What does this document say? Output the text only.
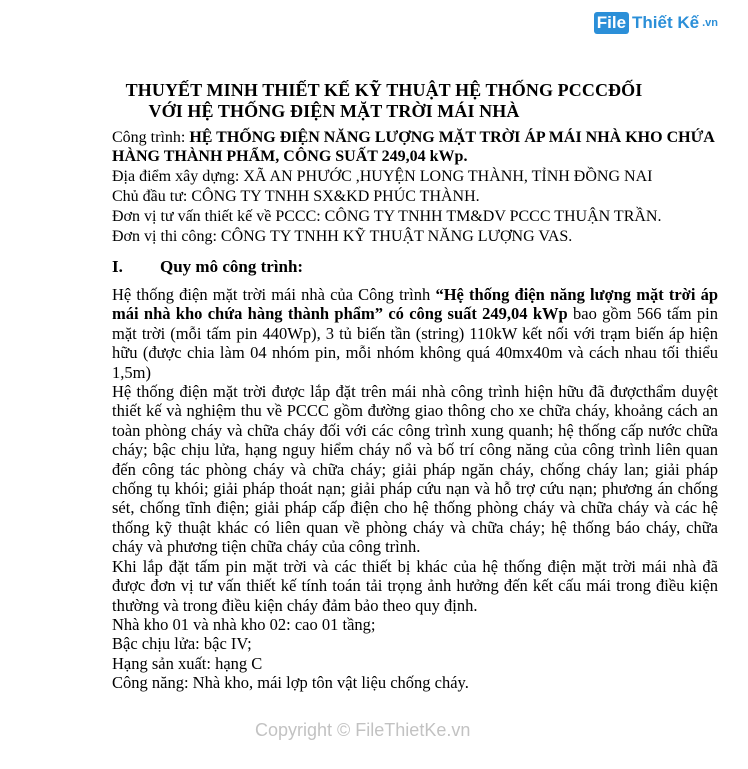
File Thiết Kế .vn
THUYẾT MINH THIẾT KẾ KỸ THUẬT HỆ THỐNG PCCCĐỐI
VỚI HỆ THỐNG ĐIỆN MẶT TRỜI MÁI NHÀ
Công trình: HỆ THỐNG ĐIỆN NĂNG LƯỢNG MẶT TRỜI ÁP MÁI NHÀ KHO CHỨA HÀNG THÀNH PHẨM, CÔNG SUẤT 249,04 kWp.
Địa điểm xây dựng: XÃ AN PHƯỚC ,HUYỆN LONG THÀNH, TỈNH ĐỒNG NAI
Chủ đầu tư: CÔNG TY TNHH SX&KD PHÚC THÀNH.
Đơn vị tư vấn thiết kế về PCCC: CÔNG TY TNHH TM&DV PCCC THUẬN TRẦN.
Đơn vị thi công: CÔNG TY TNHH KỸ THUẬT NĂNG LƯỢNG VAS.
I. Quy mô công trình:

Hệ thống điện mặt trời mái nhà của Công trình “Hệ thống điện năng lượng mặt trời áp mái nhà kho chứa hàng thành phẩm” có công suất 249,04 kWp bao gồm 566 tấm pin mặt trời (mỗi tấm pin 440Wp), 3 tủ biến tần (string) 110kW kết nối với trạm biến áp hiện hữu (được chia làm 04 nhóm pin, mỗi nhóm không quá 40mx40m và cách nhau tối thiểu 1,5m)

Hệ thống điện mặt trời được lắp đặt trên mái nhà công trình hiện hữu đã đượcthẩm duyệt thiết kế và nghiệm thu về PCCC gồm đường giao thông cho xe chữa cháy, khoảng cách an toàn phòng cháy và chữa cháy đối với các công trình xung quanh; hệ thống cấp nước chữa cháy; bậc chịu lửa, hạng nguy hiểm cháy nổ và bố trí công năng của công trình liên quan đến công tác phòng cháy và chữa cháy; giải pháp ngăn cháy, chống cháy lan; giải pháp chống tụ khói; giải pháp thoát nạn; giải pháp cứu nạn và hỗ trợ cứu nạn; phương án chống sét, chống tĩnh điện; giải pháp cấp điện cho hệ thống phòng cháy và chữa cháy và các hệ thống kỹ thuật khác có liên quan về phòng cháy và chữa cháy; hệ thống báo cháy, chữa cháy và phương tiện chữa cháy của công trình.

Khi lắp đặt tấm pin mặt trời và các thiết bị khác của hệ thống điện mặt trời mái nhà đã được đơn vị tư vấn thiết kế tính toán tải trọng ảnh hưởng đến kết cấu mái trong điều kiện thường và trong điều kiện cháy đảm bảo theo quy định.

Nhà kho 01 và nhà kho 02: cao 01 tầng;

Bậc chịu lửa: bậc IV;

Hạng sản xuất: hạng C

Công năng: Nhà kho, mái lợp tôn vật liệu chống cháy.

Copyright © FileThietKe.vn
